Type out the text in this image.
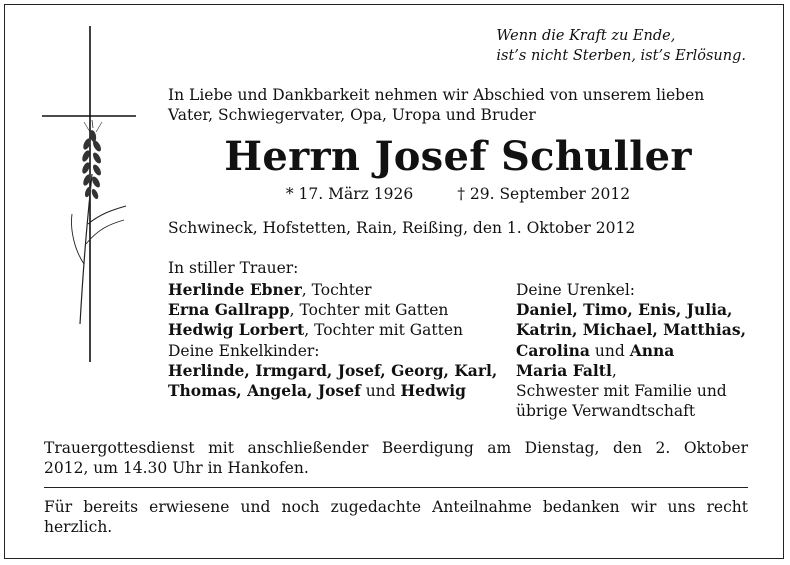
Wenn die Kraft zu Ende,
ist’s nicht Sterben, ist’s Erlösung.
In Liebe und Dankbarkeit nehmen wir Abschied von unserem lieben
Vater, Schwiegervater, Opa, Uropa und Bruder
Herrn Josef Schuller
* 17. März 1926	† 29. September 2012
Schwineck, Hofstetten, Rain, Reißing, den 1. Oktober 2012
In stiller Trauer:
Herlinde Ebner, Tochter
Erna Gallrapp, Tochter mit Gatten
Hedwig Lorbert, Tochter mit Gatten
Deine Enkelkinder:
Herlinde, Irmgard, Josef, Georg, Karl,
Thomas, Angela, Josef und Hedwig
Deine Urenkel:
Daniel, Timo, Enis, Julia,
Katrin, Michael, Matthias,
Carolina und Anna
Maria Faltl,
Schwester mit Familie und
übrige Verwandtschaft
Trauergottesdienst mit anschließender Beerdigung am Dienstag, den 2. Oktober
2012, um 14.30 Uhr in Hankofen.
Für bereits erwiesene und noch zugedachte Anteilnahme bedanken wir uns recht
herzlich.
